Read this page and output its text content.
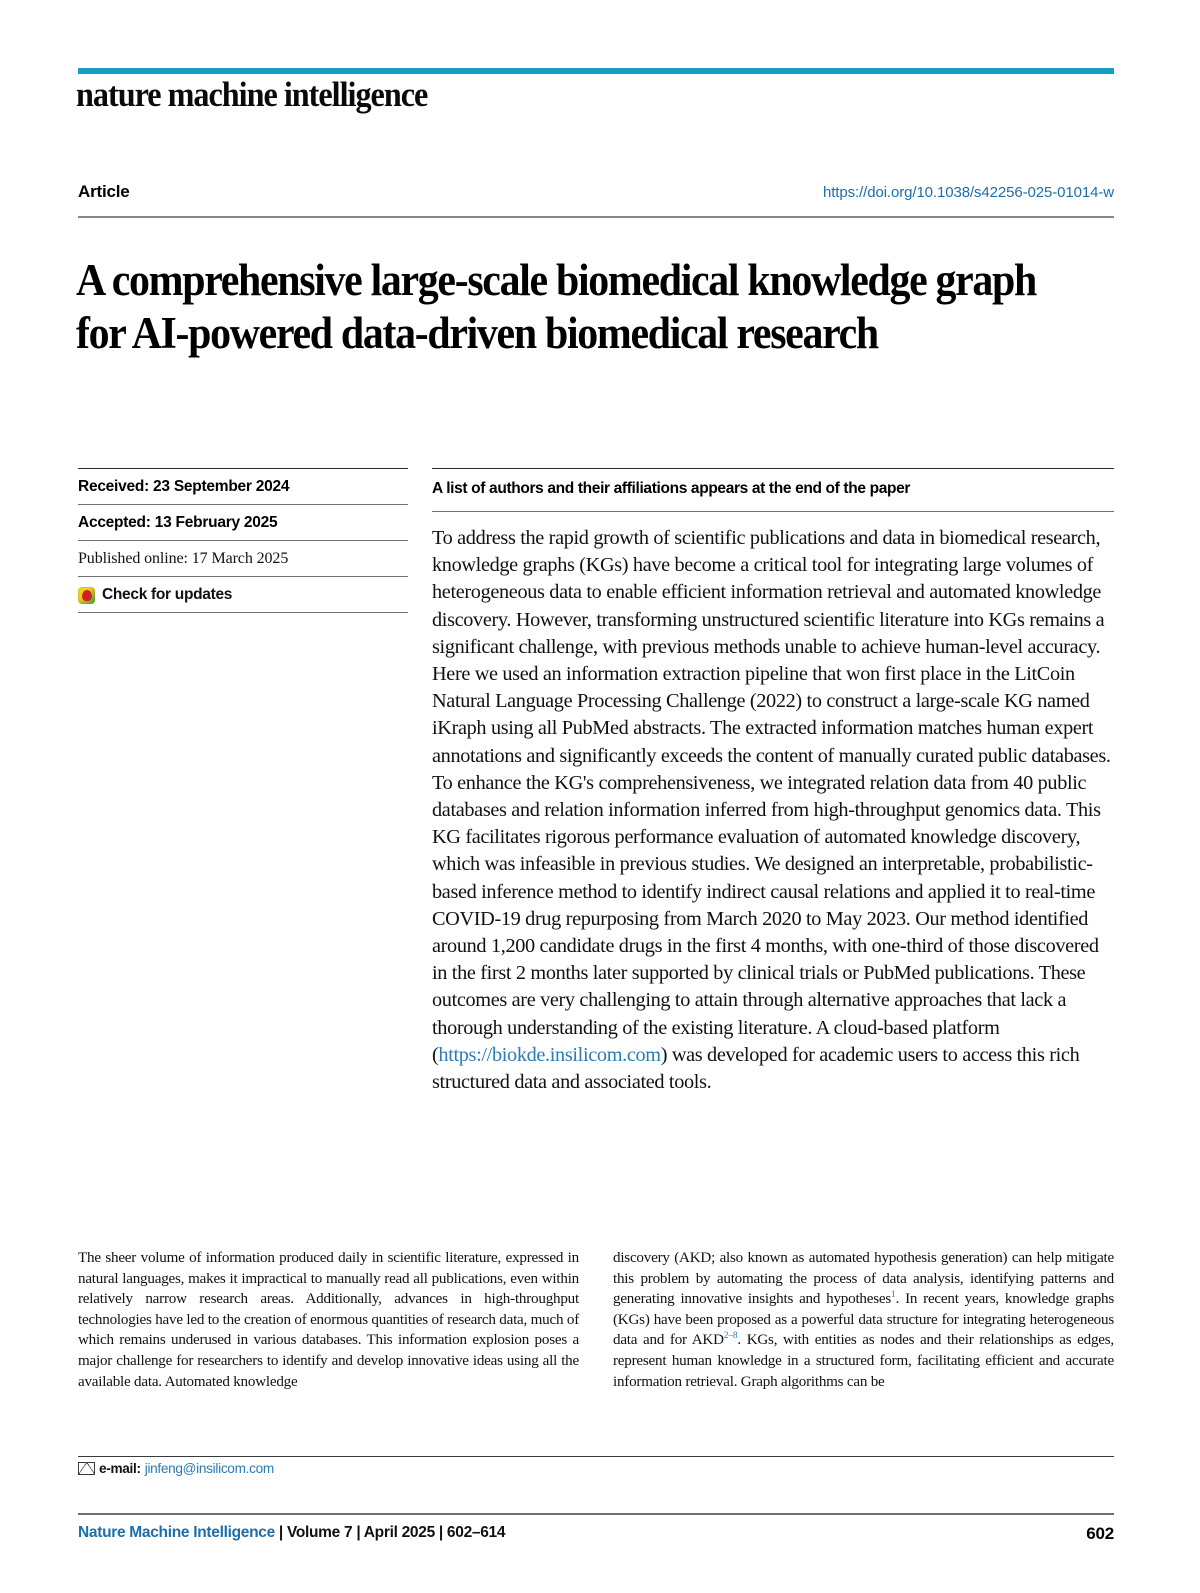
nature machine intelligence
Article	https://doi.org/10.1038/s42256-025-01014-w
A comprehensive large-scale biomedical knowledge graph for AI-powered data-driven biomedical research
Received: 23 September 2024
Accepted: 13 February 2025
Published online: 17 March 2025
Check for updates
A list of authors and their affiliations appears at the end of the paper
To address the rapid growth of scientific publications and data in biomedical research, knowledge graphs (KGs) have become a critical tool for integrating large volumes of heterogeneous data to enable efficient information retrieval and automated knowledge discovery. However, transforming unstructured scientific literature into KGs remains a significant challenge, with previous methods unable to achieve human-level accuracy. Here we used an information extraction pipeline that won first place in the LitCoin Natural Language Processing Challenge (2022) to construct a large-scale KG named iKraph using all PubMed abstracts. The extracted information matches human expert annotations and significantly exceeds the content of manually curated public databases. To enhance the KG's comprehensiveness, we integrated relation data from 40 public databases and relation information inferred from high-throughput genomics data. This KG facilitates rigorous performance evaluation of automated knowledge discovery, which was infeasible in previous studies. We designed an interpretable, probabilistic-based inference method to identify indirect causal relations and applied it to real-time COVID-19 drug repurposing from March 2020 to May 2023. Our method identified around 1,200 candidate drugs in the first 4 months, with one-third of those discovered in the first 2 months later supported by clinical trials or PubMed publications. These outcomes are very challenging to attain through alternative approaches that lack a thorough understanding of the existing literature. A cloud-based platform (https://biokde.insilicom.com) was developed for academic users to access this rich structured data and associated tools.
The sheer volume of information produced daily in scientific literature, expressed in natural languages, makes it impractical to manually read all publications, even within relatively narrow research areas. Additionally, advances in high-throughput technologies have led to the creation of enormous quantities of research data, much of which remains underused in various databases. This information explosion poses a major challenge for researchers to identify and develop innovative ideas using all the available data. Automated knowledge
discovery (AKD; also known as automated hypothesis generation) can help mitigate this problem by automating the process of data analysis, identifying patterns and generating innovative insights and hypotheses$^1$. In recent years, knowledge graphs (KGs) have been proposed as a powerful data structure for integrating heterogeneous data and for AKD$^{2-8}$. KGs, with entities as nodes and their relationships as edges, represent human knowledge in a structured form, facilitating efficient and accurate information retrieval. Graph algorithms can be
e-mail: jinfeng@insilicom.com
Nature Machine Intelligence | Volume 7 | April 2025 | 602–614	602
